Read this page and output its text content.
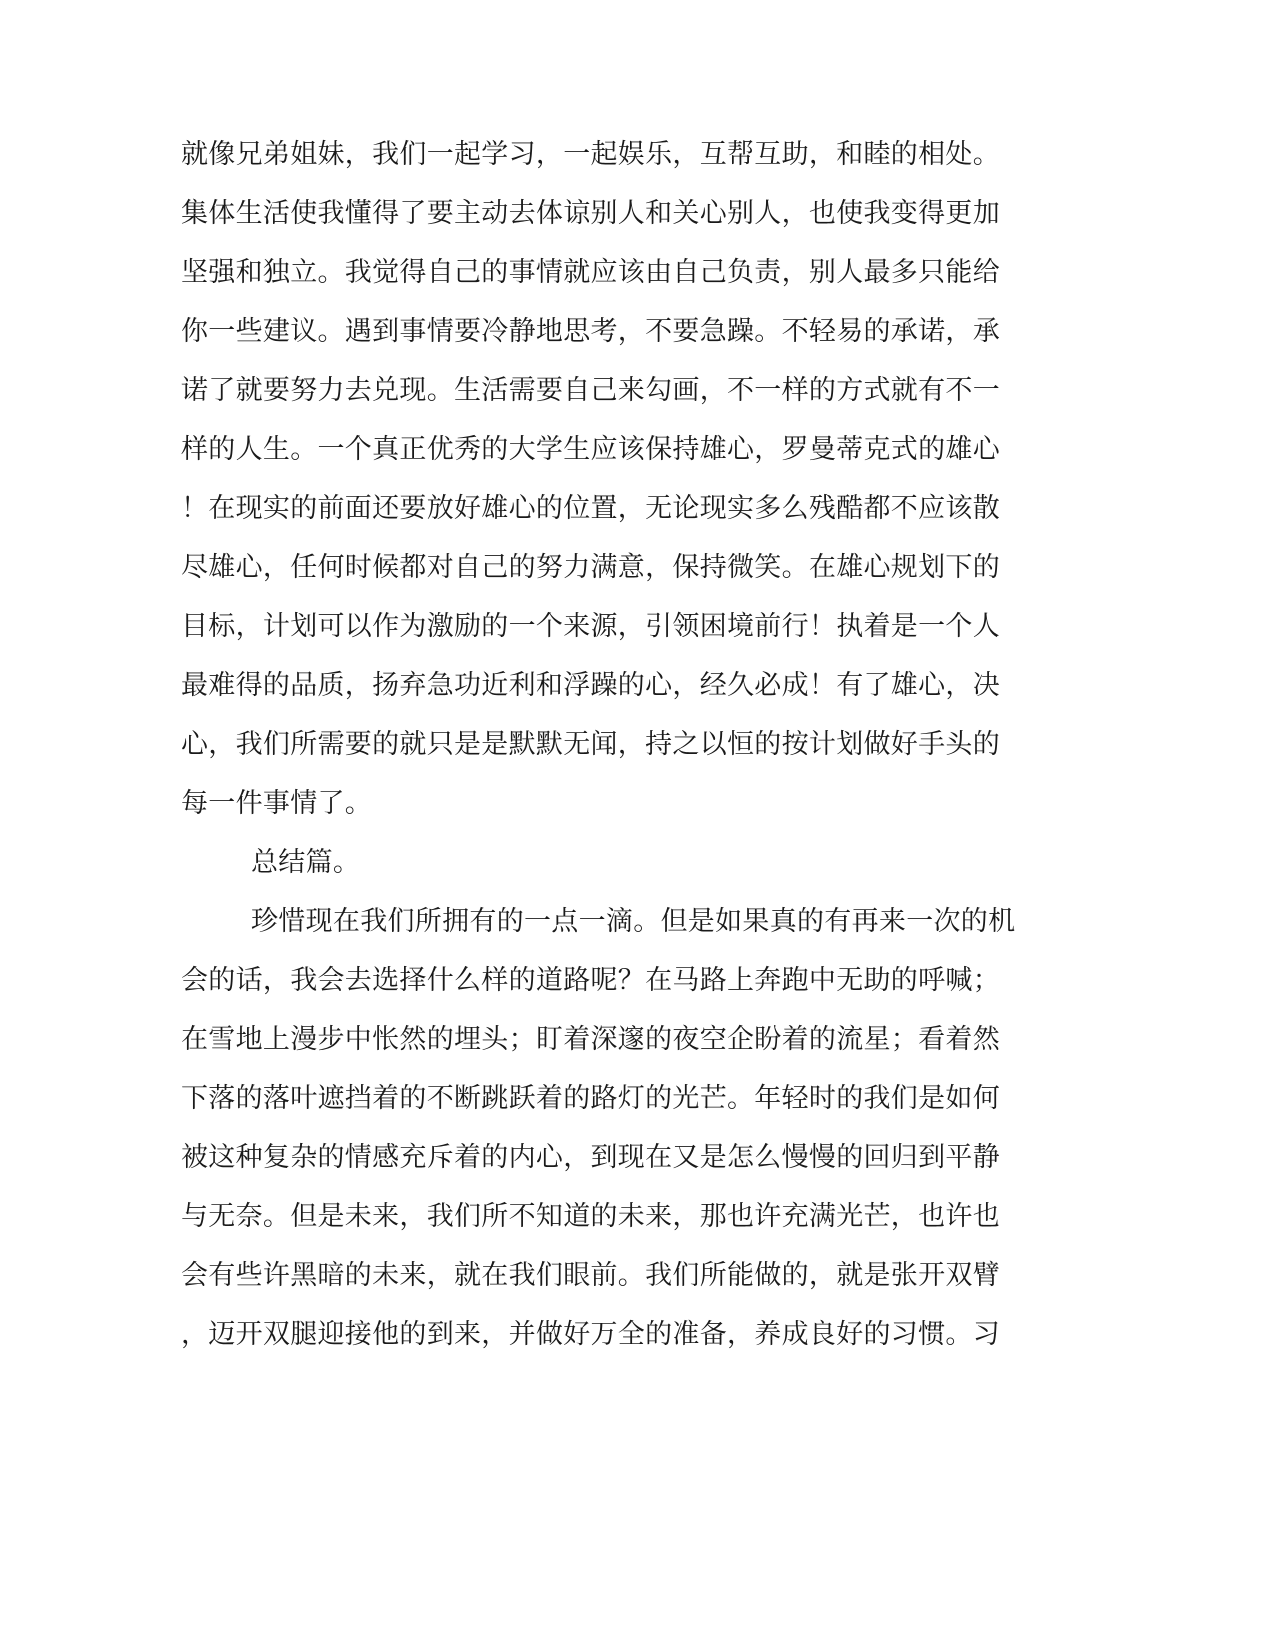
就像兄弟姐妹，我们一起学习，一起娱乐，互帮互助，和睦的相处。
集体生活使我懂得了要主动去体谅别人和关心别人，也使我变得更加
坚强和独立。我觉得自己的事情就应该由自己负责，别人最多只能给
你一些建议。遇到事情要冷静地思考，不要急躁。不轻易的承诺，承
诺了就要努力去兑现。生活需要自己来勾画，不一样的方式就有不一
样的人生。一个真正优秀的大学生应该保持雄心，罗曼蒂克式的雄心
！在现实的前面还要放好雄心的位置，无论现实多么残酷都不应该散
尽雄心，任何时候都对自己的努力满意，保持微笑。在雄心规划下的
目标，计划可以作为激励的一个来源，引领困境前行！执着是一个人
最难得的品质，扬弃急功近利和浮躁的心，经久必成！有了雄心，决
心，我们所需要的就只是是默默无闻，持之以恒的按计划做好手头的
每一件事情了。
总结篇。
珍惜现在我们所拥有的一点一滴。但是如果真的有再来一次的机
会的话，我会去选择什么样的道路呢？在马路上奔跑中无助的呼喊；
在雪地上漫步中怅然的埋头；盯着深邃的夜空企盼着的流星；看着然
下落的落叶遮挡着的不断跳跃着的路灯的光芒。年轻时的我们是如何
被这种复杂的情感充斥着的内心，到现在又是怎么慢慢的回归到平静
与无奈。但是未来，我们所不知道的未来，那也许充满光芒，也许也
会有些许黑暗的未来，就在我们眼前。我们所能做的，就是张开双臂
，迈开双腿迎接他的到来，并做好万全的准备，养成良好的习惯。习
